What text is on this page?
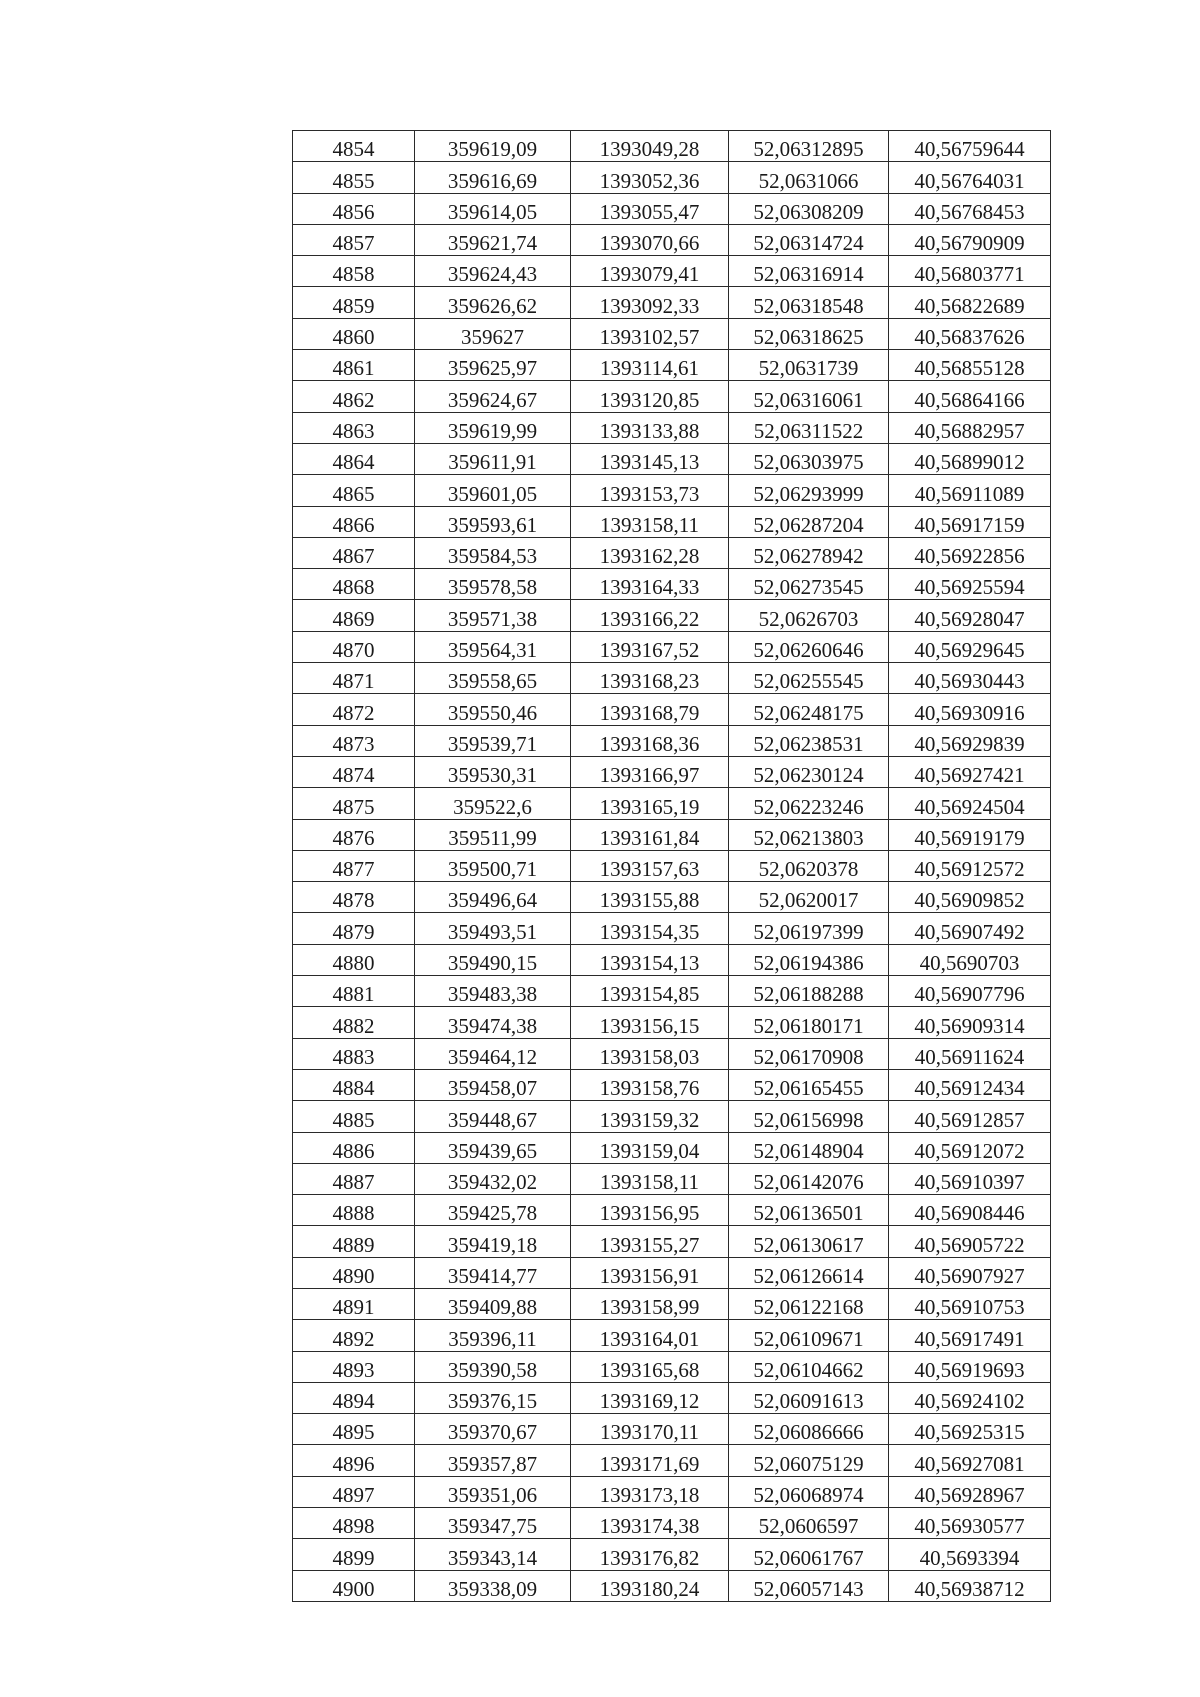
4854	359619,09	1393049,28	52,06312895	40,56759644
4855	359616,69	1393052,36	52,0631066	40,56764031
4856	359614,05	1393055,47	52,06308209	40,56768453
4857	359621,74	1393070,66	52,06314724	40,56790909
4858	359624,43	1393079,41	52,06316914	40,56803771
4859	359626,62	1393092,33	52,06318548	40,56822689
4860	359627	1393102,57	52,06318625	40,56837626
4861	359625,97	1393114,61	52,0631739	40,56855128
4862	359624,67	1393120,85	52,06316061	40,56864166
4863	359619,99	1393133,88	52,06311522	40,56882957
4864	359611,91	1393145,13	52,06303975	40,56899012
4865	359601,05	1393153,73	52,06293999	40,56911089
4866	359593,61	1393158,11	52,06287204	40,56917159
4867	359584,53	1393162,28	52,06278942	40,56922856
4868	359578,58	1393164,33	52,06273545	40,56925594
4869	359571,38	1393166,22	52,0626703	40,56928047
4870	359564,31	1393167,52	52,06260646	40,56929645
4871	359558,65	1393168,23	52,06255545	40,56930443
4872	359550,46	1393168,79	52,06248175	40,56930916
4873	359539,71	1393168,36	52,06238531	40,56929839
4874	359530,31	1393166,97	52,06230124	40,56927421
4875	359522,6	1393165,19	52,06223246	40,56924504
4876	359511,99	1393161,84	52,06213803	40,56919179
4877	359500,71	1393157,63	52,0620378	40,56912572
4878	359496,64	1393155,88	52,0620017	40,56909852
4879	359493,51	1393154,35	52,06197399	40,56907492
4880	359490,15	1393154,13	52,06194386	40,5690703
4881	359483,38	1393154,85	52,06188288	40,56907796
4882	359474,38	1393156,15	52,06180171	40,56909314
4883	359464,12	1393158,03	52,06170908	40,56911624
4884	359458,07	1393158,76	52,06165455	40,56912434
4885	359448,67	1393159,32	52,06156998	40,56912857
4886	359439,65	1393159,04	52,06148904	40,56912072
4887	359432,02	1393158,11	52,06142076	40,56910397
4888	359425,78	1393156,95	52,06136501	40,56908446
4889	359419,18	1393155,27	52,06130617	40,56905722
4890	359414,77	1393156,91	52,06126614	40,56907927
4891	359409,88	1393158,99	52,06122168	40,56910753
4892	359396,11	1393164,01	52,06109671	40,56917491
4893	359390,58	1393165,68	52,06104662	40,56919693
4894	359376,15	1393169,12	52,06091613	40,56924102
4895	359370,67	1393170,11	52,06086666	40,56925315
4896	359357,87	1393171,69	52,06075129	40,56927081
4897	359351,06	1393173,18	52,06068974	40,56928967
4898	359347,75	1393174,38	52,0606597	40,56930577
4899	359343,14	1393176,82	52,06061767	40,5693394
4900	359338,09	1393180,24	52,06057143	40,56938712
